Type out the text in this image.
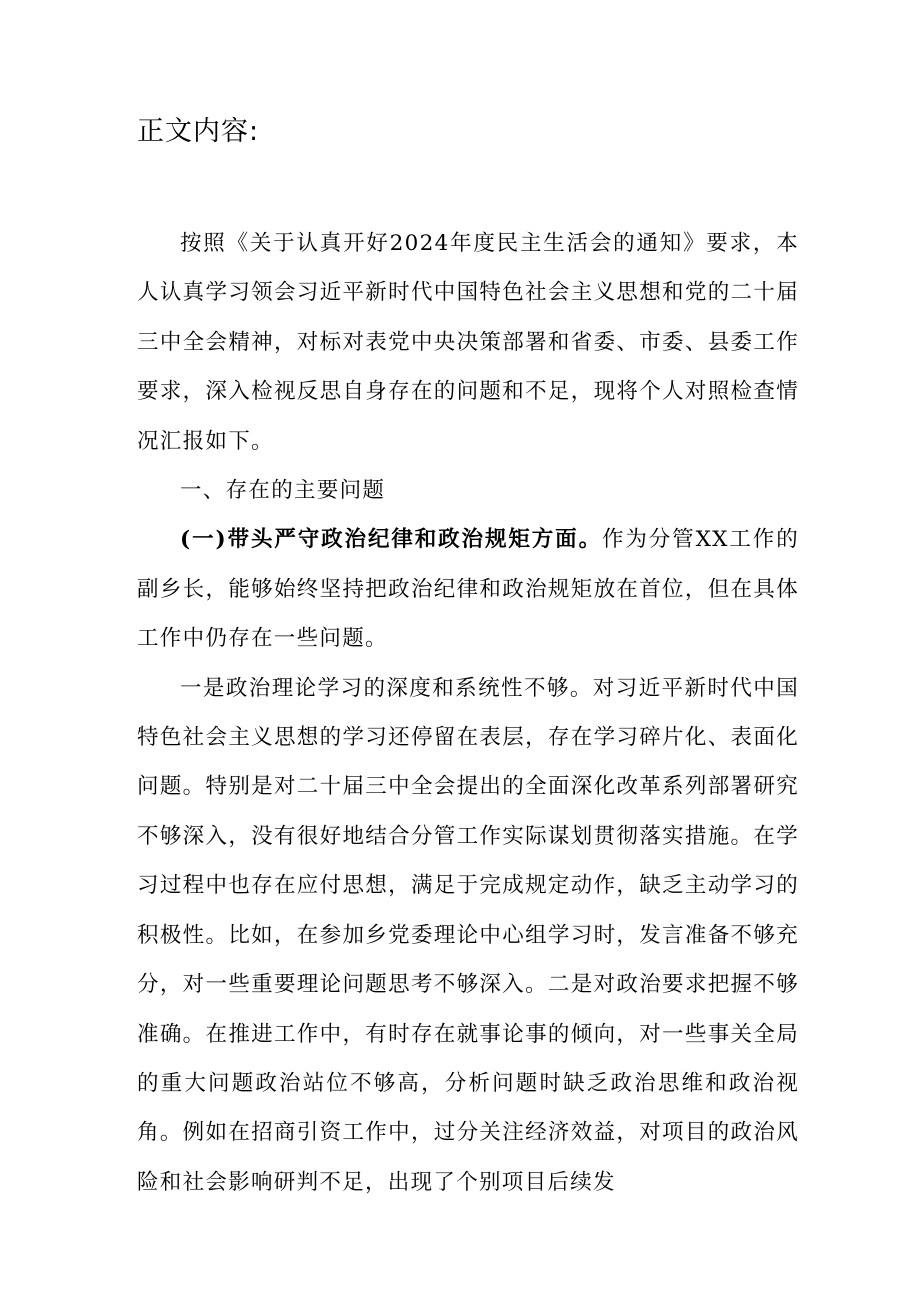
正文内容:

按照《关于认真开好2024年度民主生活会的通知》要求，本人认真学习领会习近平新时代中国特色社会主义思想和党的二十届三中全会精神，对标对表党中央决策部署和省委、市委、县委工作要求，深入检视反思自身存在的问题和不足，现将个人对照检查情况汇报如下。

一、存在的主要问题

(一)带头严守政治纪律和政治规矩方面。作为分管XX工作的副乡长，能够始终坚持把政治纪律和政治规矩放在首位，但在具体工作中仍存在一些问题。

一是政治理论学习的深度和系统性不够。对习近平新时代中国特色社会主义思想的学习还停留在表层，存在学习碎片化、表面化问题。特别是对二十届三中全会提出的全面深化改革系列部署研究不够深入，没有很好地结合分管工作实际谋划贯彻落实措施。在学习过程中也存在应付思想，满足于完成规定动作，缺乏主动学习的积极性。比如，在参加乡党委理论中心组学习时，发言准备不够充分，对一些重要理论问题思考不够深入。二是对政治要求把握不够准确。在推进工作中，有时存在就事论事的倾向，对一些事关全局的重大问题政治站位不够高，分析问题时缺乏政治思维和政治视角。例如在招商引资工作中，过分关注经济效益，对项目的政治风险和社会影响研判不足，出现了个别项目后续发
